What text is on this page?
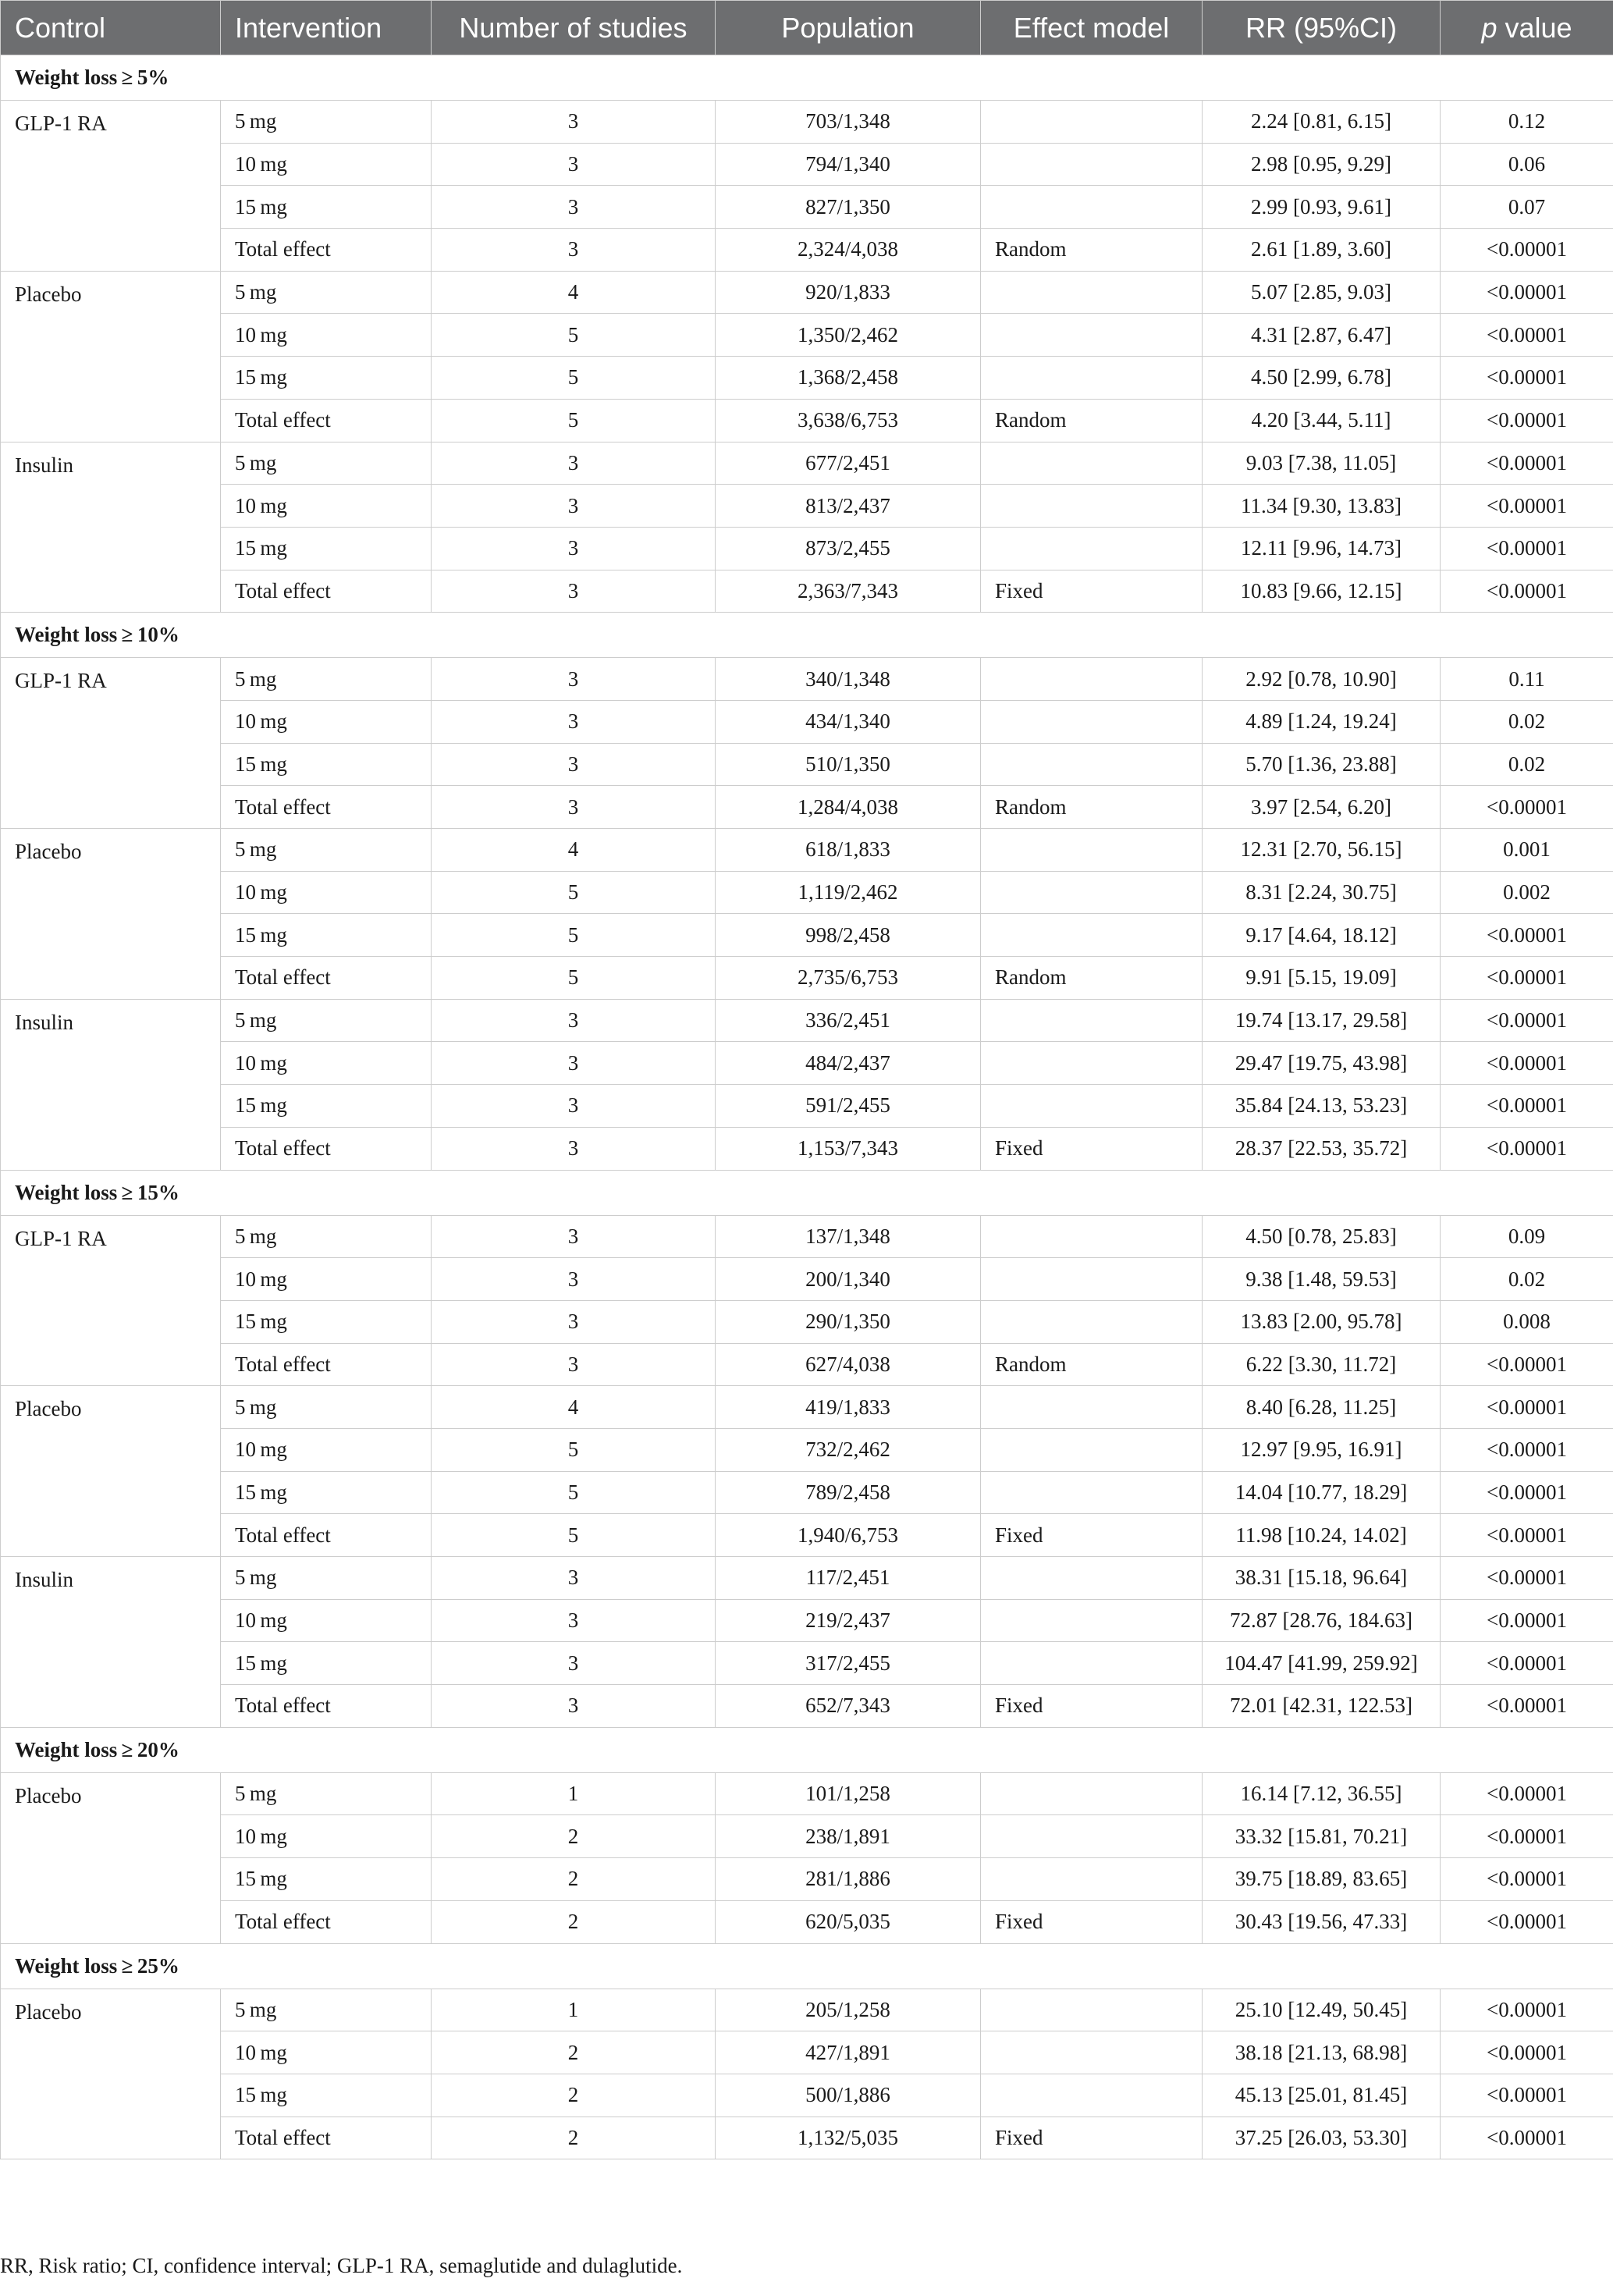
Control	Intervention	Number of studies	Population	Effect model	RR (95%CI)	p value
Weight loss ≥ 5%						
GLP-1 RA	5 mg	3	703/1,348		2.24 [0.81, 6.15]	0.12
	10 mg	3	794/1,340		2.98 [0.95, 9.29]	0.06
	15 mg	3	827/1,350		2.99 [0.93, 9.61]	0.07
	Total effect	3	2,324/4,038	Random	2.61 [1.89, 3.60]	<0.00001
Placebo	5 mg	4	920/1,833		5.07 [2.85, 9.03]	<0.00001
	10 mg	5	1,350/2,462		4.31 [2.87, 6.47]	<0.00001
	15 mg	5	1,368/2,458		4.50 [2.99, 6.78]	<0.00001
	Total effect	5	3,638/6,753	Random	4.20 [3.44, 5.11]	<0.00001
Insulin	5 mg	3	677/2,451		9.03 [7.38, 11.05]	<0.00001
	10 mg	3	813/2,437		11.34 [9.30, 13.83]	<0.00001
	15 mg	3	873/2,455		12.11 [9.96, 14.73]	<0.00001
	Total effect	3	2,363/7,343	Fixed	10.83 [9.66, 12.15]	<0.00001
Weight loss ≥ 10%						
GLP-1 RA	5 mg	3	340/1,348		2.92 [0.78, 10.90]	0.11
	10 mg	3	434/1,340		4.89 [1.24, 19.24]	0.02
	15 mg	3	510/1,350		5.70 [1.36, 23.88]	0.02
	Total effect	3	1,284/4,038	Random	3.97 [2.54, 6.20]	<0.00001
Placebo	5 mg	4	618/1,833		12.31 [2.70, 56.15]	0.001
	10 mg	5	1,119/2,462		8.31 [2.24, 30.75]	0.002
	15 mg	5	998/2,458		9.17 [4.64, 18.12]	<0.00001
	Total effect	5	2,735/6,753	Random	9.91 [5.15, 19.09]	<0.00001
Insulin	5 mg	3	336/2,451		19.74 [13.17, 29.58]	<0.00001
	10 mg	3	484/2,437		29.47 [19.75, 43.98]	<0.00001
	15 mg	3	591/2,455		35.84 [24.13, 53.23]	<0.00001
	Total effect	3	1,153/7,343	Fixed	28.37 [22.53, 35.72]	<0.00001
Weight loss ≥ 15%						
GLP-1 RA	5 mg	3	137/1,348		4.50 [0.78, 25.83]	0.09
	10 mg	3	200/1,340		9.38 [1.48, 59.53]	0.02
	15 mg	3	290/1,350		13.83 [2.00, 95.78]	0.008
	Total effect	3	627/4,038	Random	6.22 [3.30, 11.72]	<0.00001
Placebo	5 mg	4	419/1,833		8.40 [6.28, 11.25]	<0.00001
	10 mg	5	732/2,462		12.97 [9.95, 16.91]	<0.00001
	15 mg	5	789/2,458		14.04 [10.77, 18.29]	<0.00001
	Total effect	5	1,940/6,753	Fixed	11.98 [10.24, 14.02]	<0.00001
Insulin	5 mg	3	117/2,451		38.31 [15.18, 96.64]	<0.00001
	10 mg	3	219/2,437		72.87 [28.76, 184.63]	<0.00001
	15 mg	3	317/2,455		104.47 [41.99, 259.92]	<0.00001
	Total effect	3	652/7,343	Fixed	72.01 [42.31, 122.53]	<0.00001
Weight loss ≥ 20%						
Placebo	5 mg	1	101/1,258		16.14 [7.12, 36.55]	<0.00001
	10 mg	2	238/1,891		33.32 [15.81, 70.21]	<0.00001
	15 mg	2	281/1,886		39.75 [18.89, 83.65]	<0.00001
	Total effect	2	620/5,035	Fixed	30.43 [19.56, 47.33]	<0.00001
Weight loss ≥ 25%						
Placebo	5 mg	1	205/1,258		25.10 [12.49, 50.45]	<0.00001
	10 mg	2	427/1,891		38.18 [21.13, 68.98]	<0.00001
	15 mg	2	500/1,886		45.13 [25.01, 81.45]	<0.00001
	Total effect	2	1,132/5,035	Fixed	37.25 [26.03, 53.30]	<0.00001
RR, Risk ratio; CI, confidence interval; GLP-1 RA, semaglutide and dulaglutide.
